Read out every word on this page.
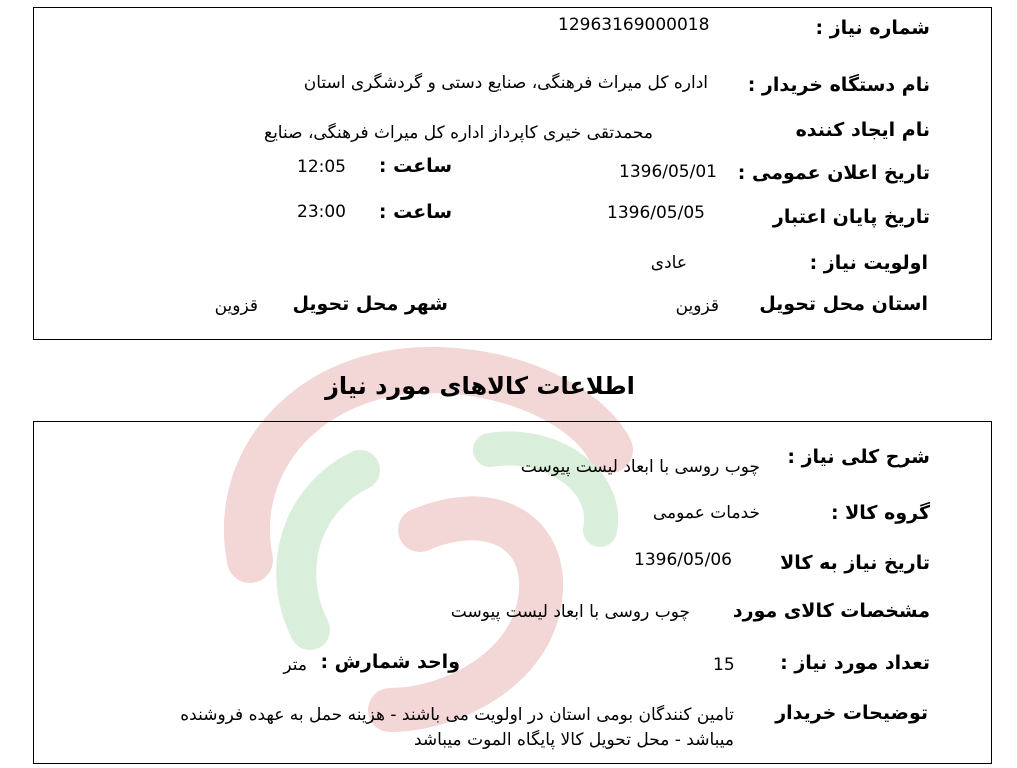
شماره نیاز :
12963169000018
نام دستگاه خریدار :
اداره کل میراث فرهنگی، صنایع دستی و گردشگری استان
نام ایجاد کننده
محمدتقی خیری کاپرداز اداره کل میراث فرهنگی، صنایع
تاریخ اعلان عمومی :
1396/05/01
ساعت :
12:05
تاریخ پایان اعتبار
1396/05/05
ساعت :
23:00
اولویت نیاز :
عادی
استان محل تحویل
قزوین
شهر محل تحویل
قزوین
اطلاعات کالاهای مورد نیاز
شرح کلی نیاز :
چوب روسی با ابعاد لیست پیوست
گروه کالا :
خدمات عمومی
تاریخ نیاز به کالا
1396/05/06
مشخصات کالای مورد
چوب روسی با ابعاد لیست پیوست
تعداد مورد نیاز :
15
واحد شمارش :
متر
توضیحات خریدار
تامین کنندگان بومی استان در اولویت می باشند - هزینه حمل به عهده فروشنده
میباشد - محل تحویل کالا پایگاه الموت میباشد
